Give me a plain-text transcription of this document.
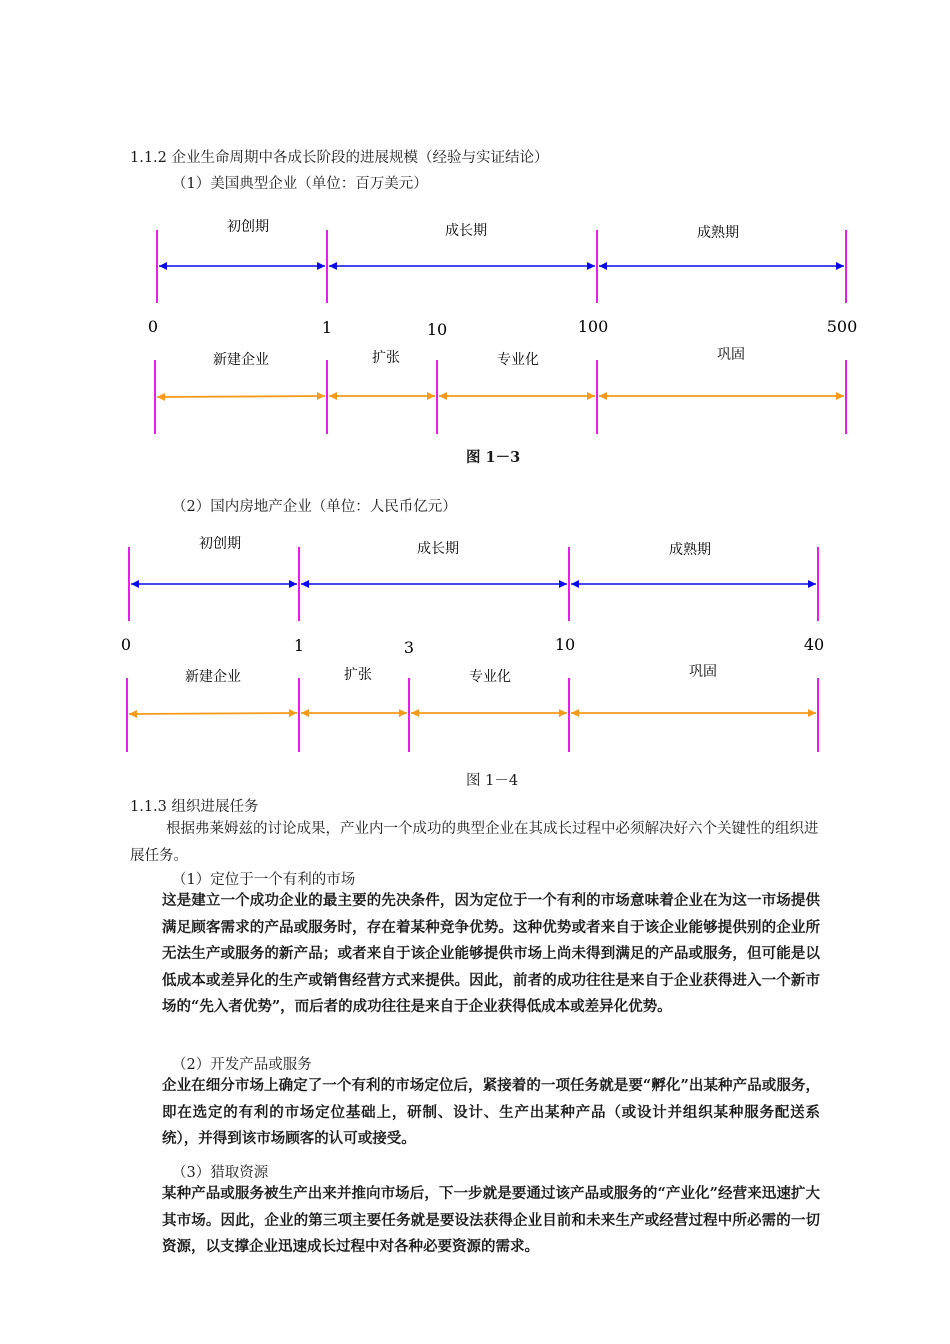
1.1.2 企业生命周期中各成长阶段的进展规模（经验与实证结论）
（1）美国典型企业（单位：百万美元）
初创期	成长期	成熟期
0	1	10	100	500
新建企业	扩张	专业化	巩固
图 1－3
（2）国内房地产企业（单位：人民币亿元）
初创期	成长期	成熟期
0	1	3	10	40
新建企业	扩张	专业化	巩固
图 1－4
1.1.3 组织进展任务
根据弗莱姆兹的讨论成果，产业内一个成功的典型企业在其成长过程中必须解决好六个关键性的组织进展任务。
（1）定位于一个有利的市场
这是建立一个成功企业的最主要的先决条件，因为定位于一个有利的市场意味着企业在为这一市场提供满足顾客需求的产品或服务时，存在着某种竞争优势。这种优势或者来自于该企业能够提供别的企业所无法生产或服务的新产品；或者来自于该企业能够提供市场上尚未得到满足的产品或服务，但可能是以低成本或差异化的生产或销售经营方式来提供。因此，前者的成功往往是来自于企业获得进入一个新市场的“先入者优势”，而后者的成功往往是来自于企业获得低成本或差异化优势。
（2）开发产品或服务
企业在细分市场上确定了一个有利的市场定位后，紧接着的一项任务就是要“孵化”出某种产品或服务，即在选定的有利的市场定位基础上，研制、设计、生产出某种产品（或设计并组织某种服务配送系统），并得到该市场顾客的认可或接受。
（3）猎取资源
某种产品或服务被生产出来并推向市场后，下一步就是要通过该产品或服务的“产业化”经营来迅速扩大其市场。因此，企业的第三项主要任务就是要设法获得企业目前和未来生产或经营过程中所必需的一切资源，以支撑企业迅速成长过程中对各种必要资源的需求。
